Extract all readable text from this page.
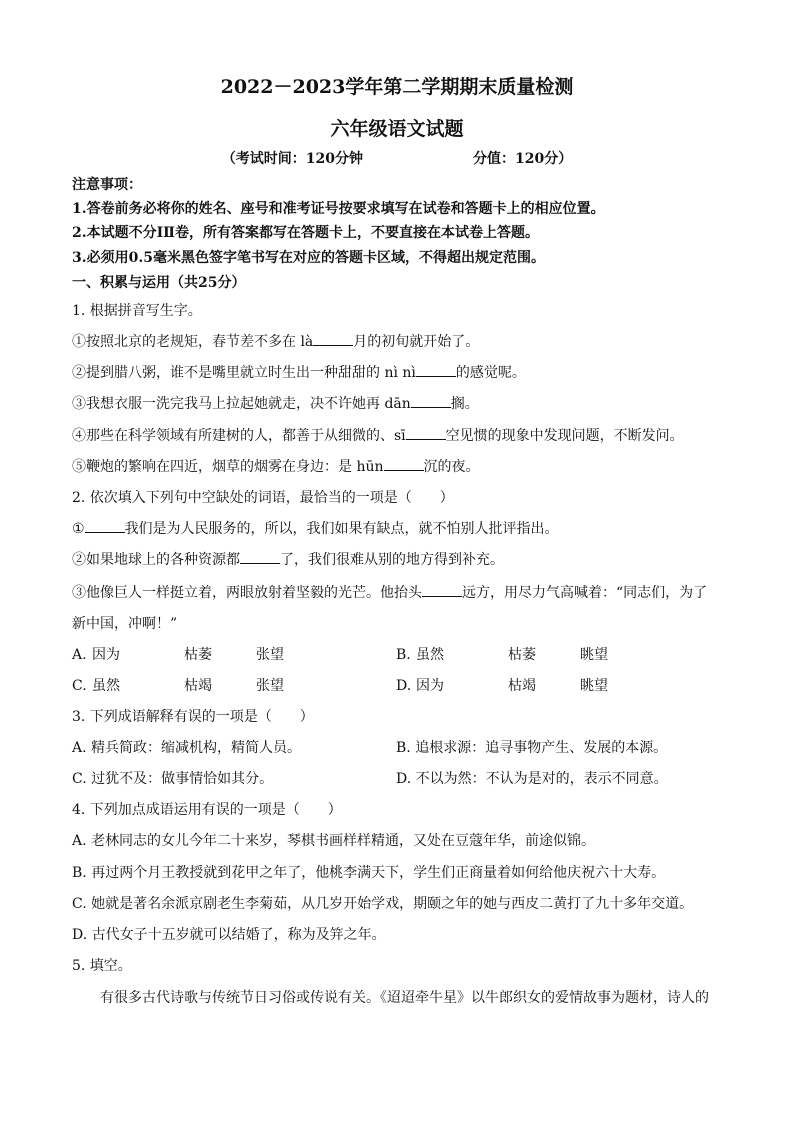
2022－2023学年第二学期期末质量检测
六年级语文试题
（考试时间：120分钟	分值：120分）
注意事项：
1.答卷前务必将你的姓名、座号和准考证号按要求填写在试卷和答题卡上的相应位置。
2.本试题不分ⅠⅡ卷，所有答案都写在答题卡上，不要直接在本试卷上答题。
3.必须用0.5毫米黑色签字笔书写在对应的答题卡区域，不得超出规定范围。
一、积累与运用（共25分）
1. 根据拼音写生字。
①按照北京的老规矩，春节差不多在 là	月的初旬就开始了。
②提到腊八粥，谁不是嘴里就立时生出一种甜甜的 nì nì	的感觉呢。
③我想衣服一洗完我马上拉起她就走，决不许她再 dān	搁。
④那些在科学领域有所建树的人，都善于从细微的、sī	空见惯的现象中发现问题，不断发问。
⑤鞭炮的繁响在四近，烟草的烟雾在身边：是 hūn	沉的夜。
2. 依次填入下列句中空缺处的词语，最恰当的一项是（　　）
①	我们是为人民服务的，所以，我们如果有缺点，就不怕别人批评指出。
②如果地球上的各种资源都	了，我们很难从别的地方得到补充。
③他像巨人一样挺立着，两眼放射着坚毅的光芒。他抬头	远方，用尽力气高喊着：“同志们，为了
新中国，冲啊！”
A. 因为	枯萎	张望	B. 虽然	枯萎	眺望
C. 虽然	枯竭	张望	D. 因为	枯竭	眺望
3. 下列成语解释有误的一项是（　　）
A. 精兵简政：缩减机构，精简人员。	B. 追根求源：追寻事物产生、发展的本源。
C. 过犹不及：做事情恰如其分。	D. 不以为然：不认为是对的，表示不同意。
4. 下列加点成语运用有误的一项是（　　）
A. 老林同志的女儿今年二十来岁，琴棋书画样样精通，又处在豆蔻年华，前途似锦。
B. 再过两个月王教授就到花甲之年了，他桃李满天下，学生们正商量着如何给他庆祝六十大寿。
C. 她就是著名余派京剧老生李菊茹，从几岁开始学戏，期颐之年的她与西皮二黄打了九十多年交道。
D. 古代女子十五岁就可以结婚了，称为及笄之年。
5. 填空。
有很多古代诗歌与传统节日习俗或传说有关。《迢迢牵牛星》以牛郎织女的爱情故事为题材，诗人的
